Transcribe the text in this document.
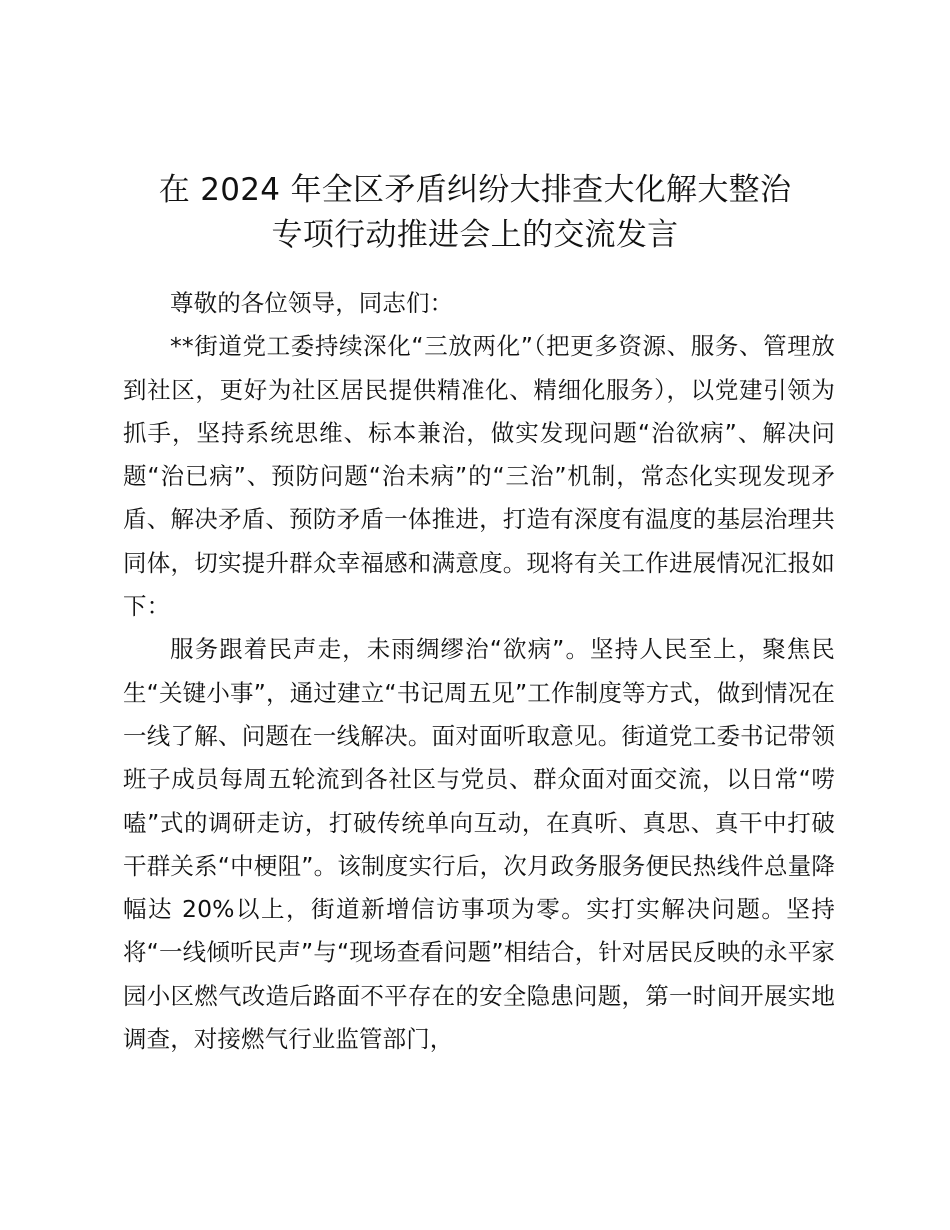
在 2024 年全区矛盾纠纷大排查大化解大整治
专项行动推进会上的交流发言

尊敬的各位领导，同志们：

**街道党工委持续深化“三放两化”（把更多资源、服务、管理放到社区，更好为社区居民提供精准化、精细化服务），以党建引领为抓手，坚持系统思维、标本兼治，做实发现问题“治欲病”、解决问题“治已病”、预防问题“治未病”的“三治”机制，常态化实现发现矛盾、解决矛盾、预防矛盾一体推进，打造有深度有温度的基层治理共同体，切实提升群众幸福感和满意度。现将有关工作进展情况汇报如下：

服务跟着民声走，未雨绸缪治“欲病”。坚持人民至上，聚焦民生“关键小事”，通过建立“书记周五见”工作制度等方式，做到情况在一线了解、问题在一线解决。面对面听取意见。街道党工委书记带领班子成员每周五轮流到各社区与党员、群众面对面交流，以日常“唠嗑”式的调研走访，打破传统单向互动，在真听、真思、真干中打破干群关系“中梗阻”。该制度实行后，次月政务服务便民热线件总量降幅达 20%以上，街道新增信访事项为零。实打实解决问题。坚持将“一线倾听民声”与“现场查看问题”相结合，针对居民反映的永平家园小区燃气改造后路面不平存在的安全隐患问题，第一时间开展实地调查，对接燃气行业监管部门，
